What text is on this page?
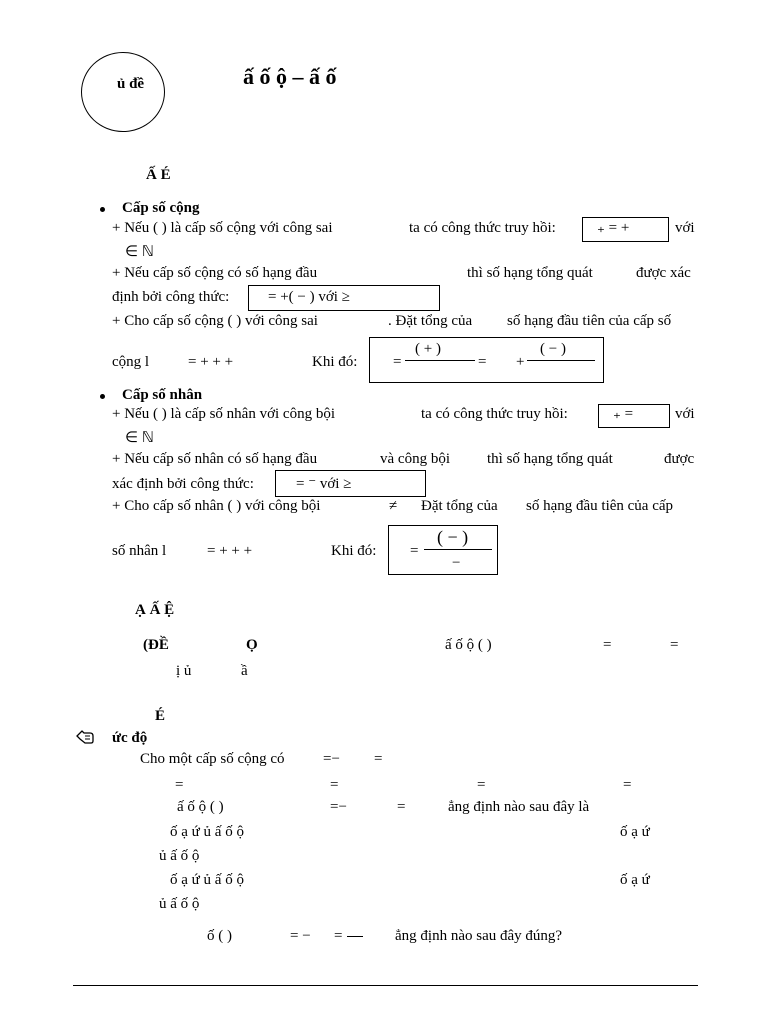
ủ đề	ấ ố ộ – ấ ố
Ấ É
Cấp số cộng
+ Nếu ( ) là cấp số cộng với công sai	ta có công thức truy hồi:	₊ = +	với
∈ ℕ
+ Nếu cấp số cộng có số hạng đầu	thì số hạng tổng quát	được xác
định bởi công thức:	= +( − ) với ≥
+ Cho cấp số cộng ( ) với công sai	. Đặt tổng của số hạng đầu tiên của cấp số
cộng l	= + + +	Khi đó: =
( + )
= +
( − )
Cấp số nhân
+ Nếu ( ) là cấp số nhân với công bội	ta có công thức truy hồi:	₊ =	với
∈ ℕ
+ Nếu cấp số nhân có số hạng đầu	và công bội thì số hạng tổng quát	được
xác định bởi công thức:	= ⁻ với ≥
+ Cho cấp số nhân ( ) với công bội	≠ Đặt tổng của số hạng đầu tiên của cấp
số nhân l	= + + +	Khi đó: =
( − )
−
Ạ Ấ Ệ
(ĐỀ	Ọ	ấ ố ộ ( )	=	=
ị ủ	ầ
É
ức độ
Cho một cấp số cộng có	=− =
=	=	=	=
ấ ố ộ ( )	=−	=	ẳng định nào sau đây là
ố ạ ứ ủ ấ ố ộ	ố ạ ứ
ủ ấ ố ộ
ố ạ ứ ủ ấ ố ộ	ố ạ ứ
ủ ấ ố ộ
ố ( )	= − =	ẳng định nào sau đây đúng?
